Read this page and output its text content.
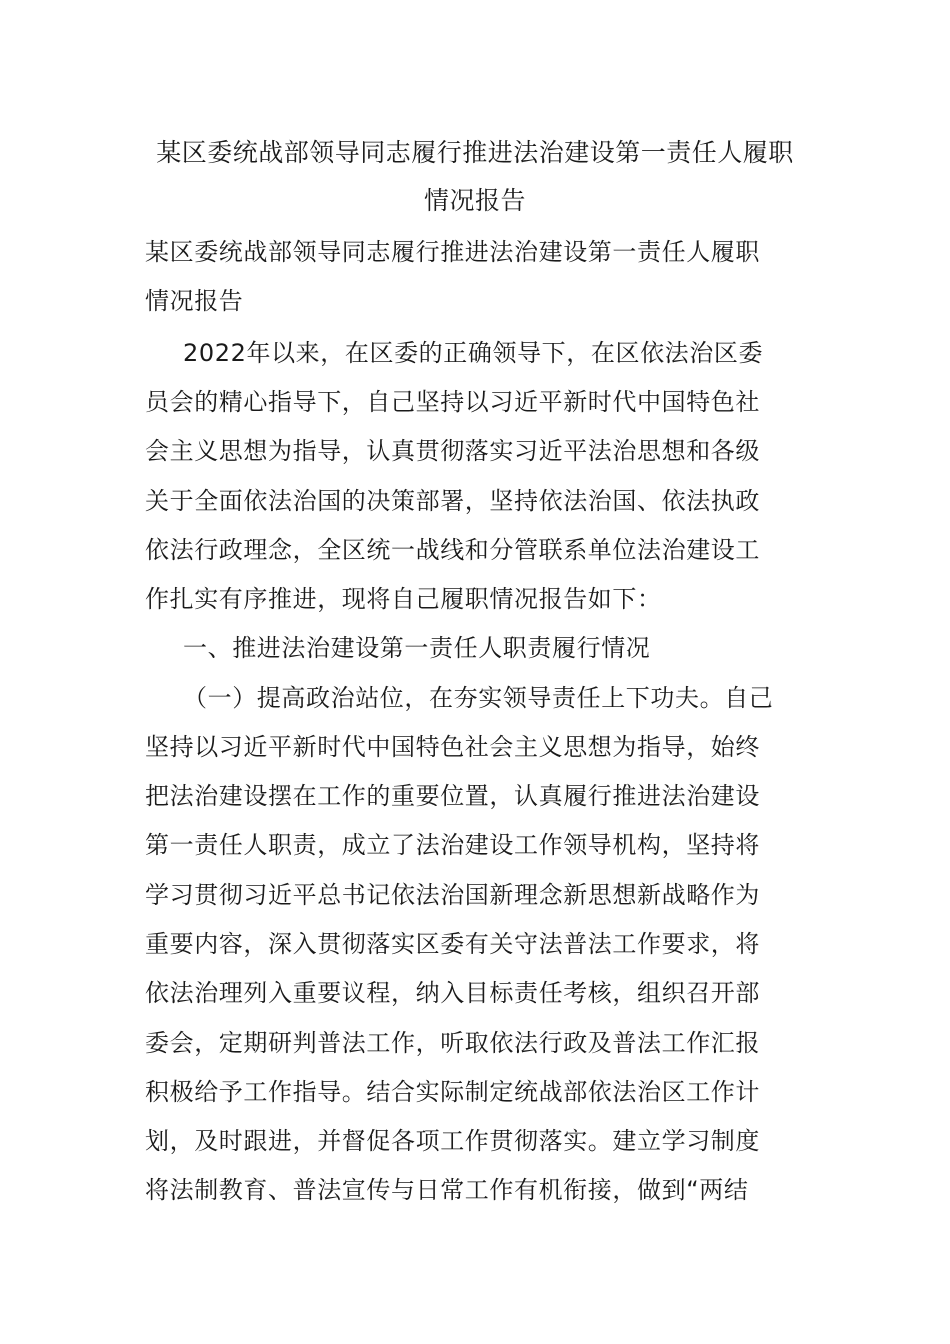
某区委统战部领导同志履行推进法治建设第一责任人履职
情况报告

某区委统战部领导同志履行推进法治建设第一责任人履职

情况报告

2022年以来，在区委的正确领导下，在区依法治区委

员会的精心指导下，自己坚持以习近平新时代中国特色社

会主义思想为指导，认真贯彻落实习近平法治思想和各级

关于全面依法治国的决策部署，坚持依法治国、依法执政

依法行政理念，全区统一战线和分管联系单位法治建设工

作扎实有序推进，现将自己履职情况报告如下：

一、推进法治建设第一责任人职责履行情况

（一）提高政治站位，在夯实领导责任上下功夫。自己

坚持以习近平新时代中国特色社会主义思想为指导，始终

把法治建设摆在工作的重要位置，认真履行推进法治建设

第一责任人职责，成立了法治建设工作领导机构，坚持将

学习贯彻习近平总书记依法治国新理念新思想新战略作为

重要内容，深入贯彻落实区委有关守法普法工作要求，将

依法治理列入重要议程，纳入目标责任考核，组织召开部

委会，定期研判普法工作，听取依法行政及普法工作汇报

积极给予工作指导。结合实际制定统战部依法治区工作计

划，及时跟进，并督促各项工作贯彻落实。建立学习制度

将法制教育、普法宣传与日常工作有机衔接，做到“两结
